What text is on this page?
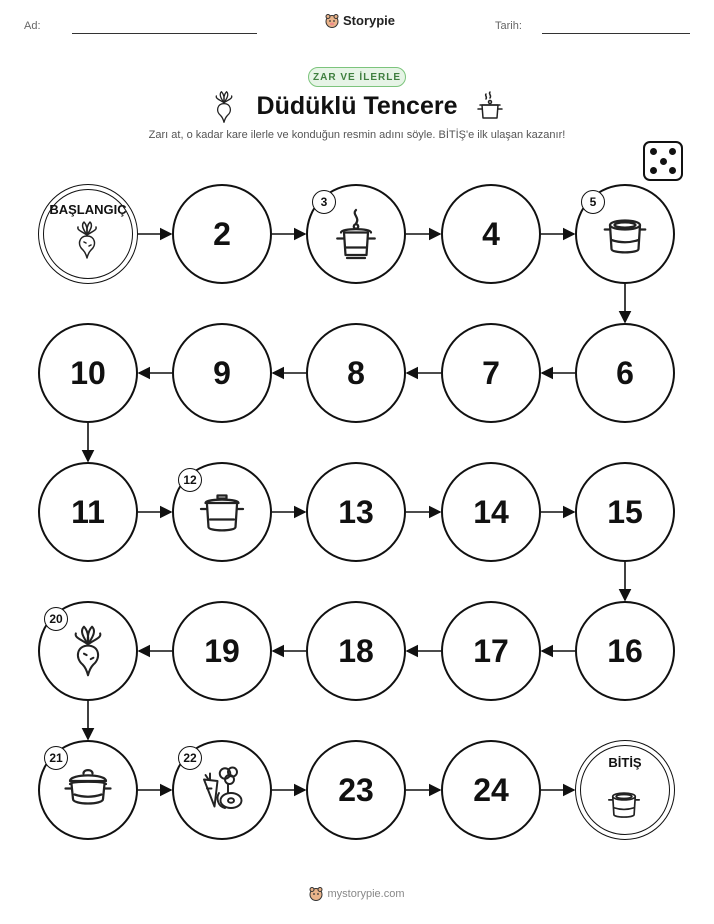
Ad:	Storypie	Tarih:
ZAR VE İLERLE
Düdüklü Tencere
Zarı at, o kadar kare ilerle ve konduğun resmin adını söyle. BİTİŞ'e ilk ulaşan kazanır!
BAŞLANGIÇ
2
3
4
5
6
7
8
9
10
11
12
13	14	15
16
17
18
19
20
21	22
23	24
BİTİŞ
mystorypie.com
